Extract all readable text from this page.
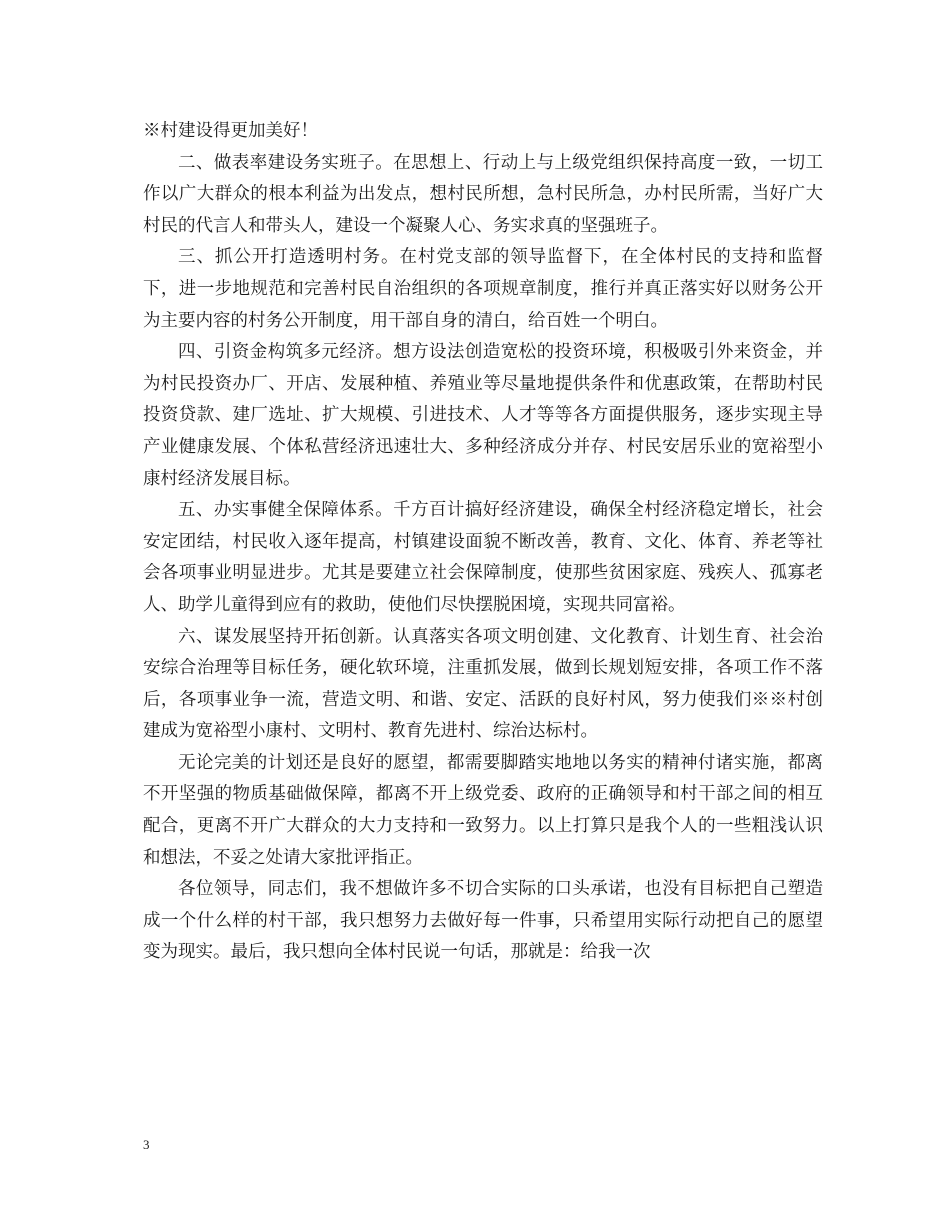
※村建设得更加美好！

二、做表率建设务实班子。在思想上、行动上与上级党组织保持高度一致，一切工作以广大群众的根本利益为出发点，想村民所想，急村民所急，办村民所需，当好广大村民的代言人和带头人，建设一个凝聚人心、务实求真的坚强班子。

三、抓公开打造透明村务。在村党支部的领导监督下，在全体村民的支持和监督下，进一步地规范和完善村民自治组织的各项规章制度，推行并真正落实好以财务公开为主要内容的村务公开制度，用干部自身的清白，给百姓一个明白。

四、引资金构筑多元经济。想方设法创造宽松的投资环境，积极吸引外来资金，并为村民投资办厂、开店、发展种植、养殖业等尽量地提供条件和优惠政策，在帮助村民投资贷款、建厂选址、扩大规模、引进技术、人才等等各方面提供服务，逐步实现主导产业健康发展、个体私营经济迅速壮大、多种经济成分并存、村民安居乐业的宽裕型小康村经济发展目标。

五、办实事健全保障体系。千方百计搞好经济建设，确保全村经济稳定增长，社会安定团结，村民收入逐年提高，村镇建设面貌不断改善，教育、文化、体育、养老等社会各项事业明显进步。尤其是要建立社会保障制度，使那些贫困家庭、残疾人、孤寡老人、助学儿童得到应有的救助，使他们尽快摆脱困境，实现共同富裕。

六、谋发展坚持开拓创新。认真落实各项文明创建、文化教育、计划生育、社会治安综合治理等目标任务，硬化软环境，注重抓发展，做到长规划短安排，各项工作不落后，各项事业争一流，营造文明、和谐、安定、活跃的良好村风，努力使我们※※村创建成为宽裕型小康村、文明村、教育先进村、综治达标村。

无论完美的计划还是良好的愿望，都需要脚踏实地地以务实的精神付诸实施，都离不开坚强的物质基础做保障，都离不开上级党委、政府的正确领导和村干部之间的相互配合，更离不开广大群众的大力支持和一致努力。以上打算只是我个人的一些粗浅认识和想法，不妥之处请大家批评指正。

各位领导，同志们，我不想做许多不切合实际的口头承诺，也没有目标把自己塑造成一个什么样的村干部，我只想努力去做好每一件事，只希望用实际行动把自己的愿望变为现实。最后，我只想向全体村民说一句话，那就是：给我一次

3
